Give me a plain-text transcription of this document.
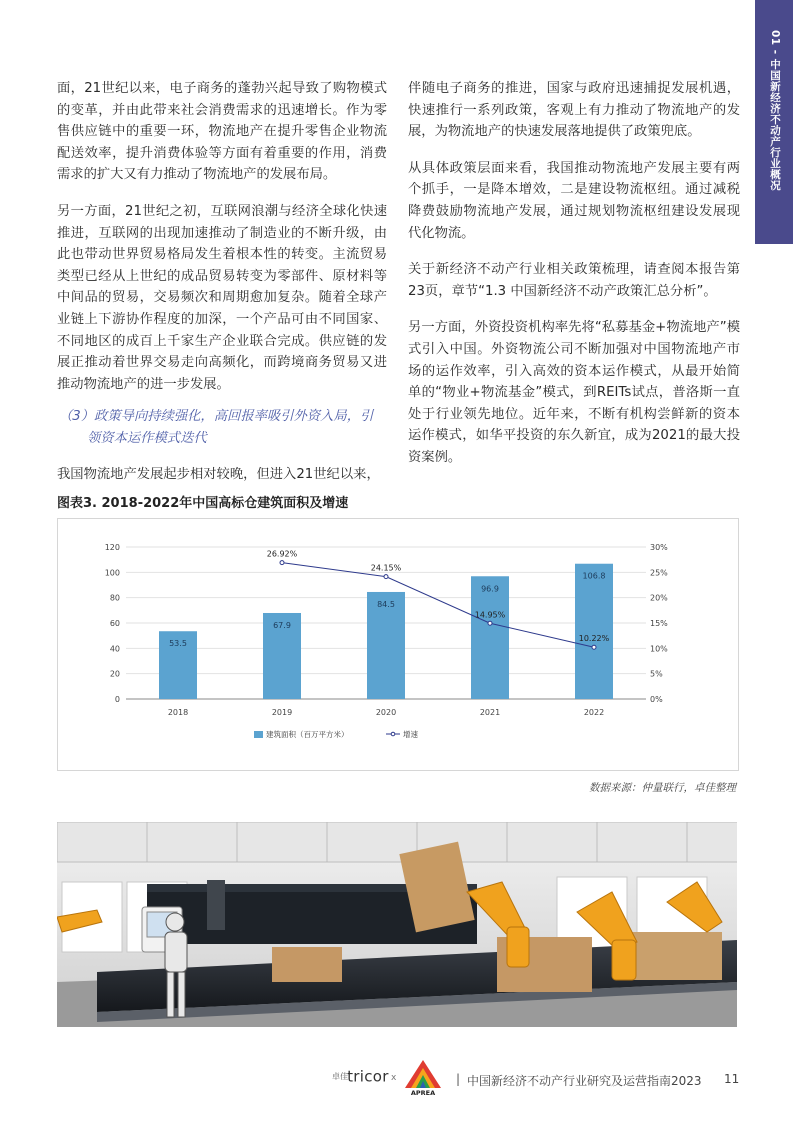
01 - 中国新经济不动产行业概况

面，21世纪以来，电子商务的蓬勃兴起导致了购物模式的变革，并由此带来社会消费需求的迅速增长。作为零售供应链中的重要一环，物流地产在提升零售企业物流配送效率，提升消费体验等方面有着重要的作用，消费需求的扩大又有力推动了物流地产的发展布局。

另一方面，21世纪之初，互联网浪潮与经济全球化快速推进，互联网的出现加速推动了制造业的不断升级，由此也带动世界贸易格局发生着根本性的转变。主流贸易类型已经从上世纪的成品贸易转变为零部件、原材料等中间品的贸易，交易频次和周期愈加复杂。随着全球产业链上下游协作程度的加深，一个产品可由不同国家、不同地区的成百上千家生产企业联合完成。供应链的发展正推动着世界交易走向高频化，而跨境商务贸易又进推动物流地产的进一步发展。

（3）政策导向持续强化，高回报率吸引外资入局，引
领资本运作模式迭代

我国物流地产发展起步相对较晚，但进入21世纪以来，

伴随电子商务的推进，国家与政府迅速捕捉发展机遇，快速推行一系列政策，客观上有力推动了物流地产的发展，为物流地产的快速发展落地提供了政策兜底。

从具体政策层面来看，我国推动物流地产发展主要有两个抓手，一是降本增效，二是建设物流枢纽。通过减税降费鼓励物流地产发展，通过规划物流枢纽建设发展现代化物流。

关于新经济不动产行业相关政策梳理，请查阅本报告第23页，章节“1.3 中国新经济不动产政策汇总分析”。

另一方面，外资投资机构率先将“私募基金+物流地产”模式引入中国。外资物流公司不断加强对中国物流地产市场的运作效率，引入高效的资本运作模式，从最开始简单的“物业+物流基金”模式，到REITs试点，普洛斯一直处于行业领先地位。近年来，不断有机构尝鲜新的资本运作模式，如华平投资的东久新宜，成为2021的最大投资案例。

图表3. 2018-2022年中国高标仓建筑面积及增速
0
20
40
60
80
100
120
0%
5%
10%
15%
20%
25%
30%
53.5
67.9
84.5
96.9
106.8
2018	2019	2020	2021	2022
26.92%
24.15%
14.95%
10.22%
建筑面积（百万平方米）	增速
数据来源：仲量联行，卓佳整理
卓佳 tricor x
APREA
| 中国新经济不动产行业研究及运营指南2023 11
